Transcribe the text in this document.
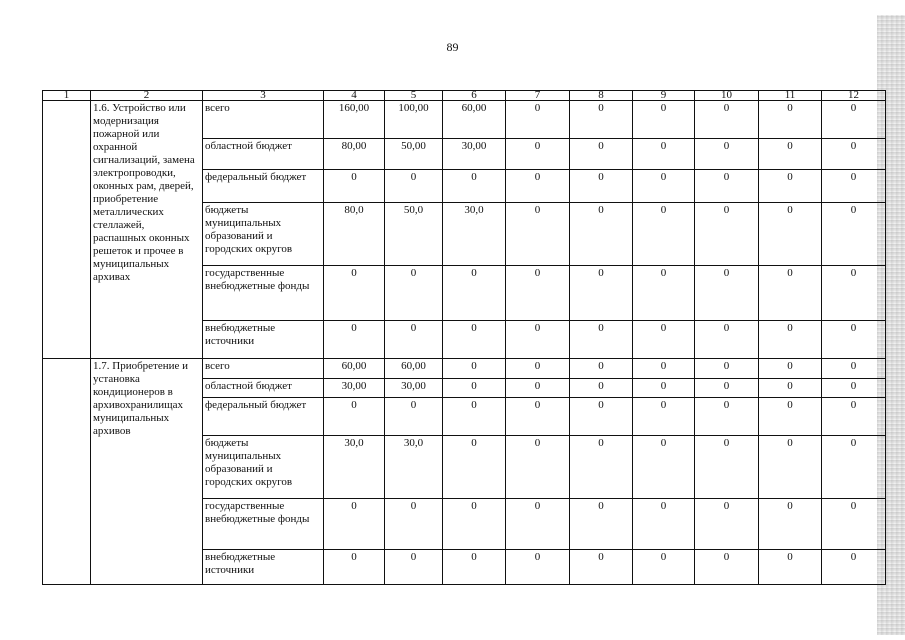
89
1	2	3	4	5	6	7	8	9	10	11	12
	1.6. Устройство или модернизация пожарной или охранной сигнализаций, замена электропроводки, оконных рам, дверей, приобретение металлических стеллажей, распашных оконных решеток и прочее в муниципальных архивах	всего	160,00	100,00	60,00	0	0	0	0	0	0
		областной бюджет	80,00	50,00	30,00	0	0	0	0	0	0
		федеральный бюджет	0	0	0	0	0	0	0	0	0
		бюджеты муниципальных образований и городских округов	80,0	50,0	30,0	0	0	0	0	0	0
		государственные внебюджетные фонды	0	0	0	0	0	0	0	0	0
		внебюджетные источники	0	0	0	0	0	0	0	0	0
	1.7. Приобретение и установка кондиционеров в архивохранилищах муниципальных архивов	всего	60,00	60,00	0	0	0	0	0	0	0
		областной бюджет	30,00	30,00	0	0	0	0	0	0	0
		федеральный бюджет	0	0	0	0	0	0	0	0	0
		бюджеты муниципальных образований и городских округов	30,0	30,0	0	0	0	0	0	0	0
		государственные внебюджетные фонды	0	0	0	0	0	0	0	0	0
		внебюджетные источники	0	0	0	0	0	0	0	0	0
